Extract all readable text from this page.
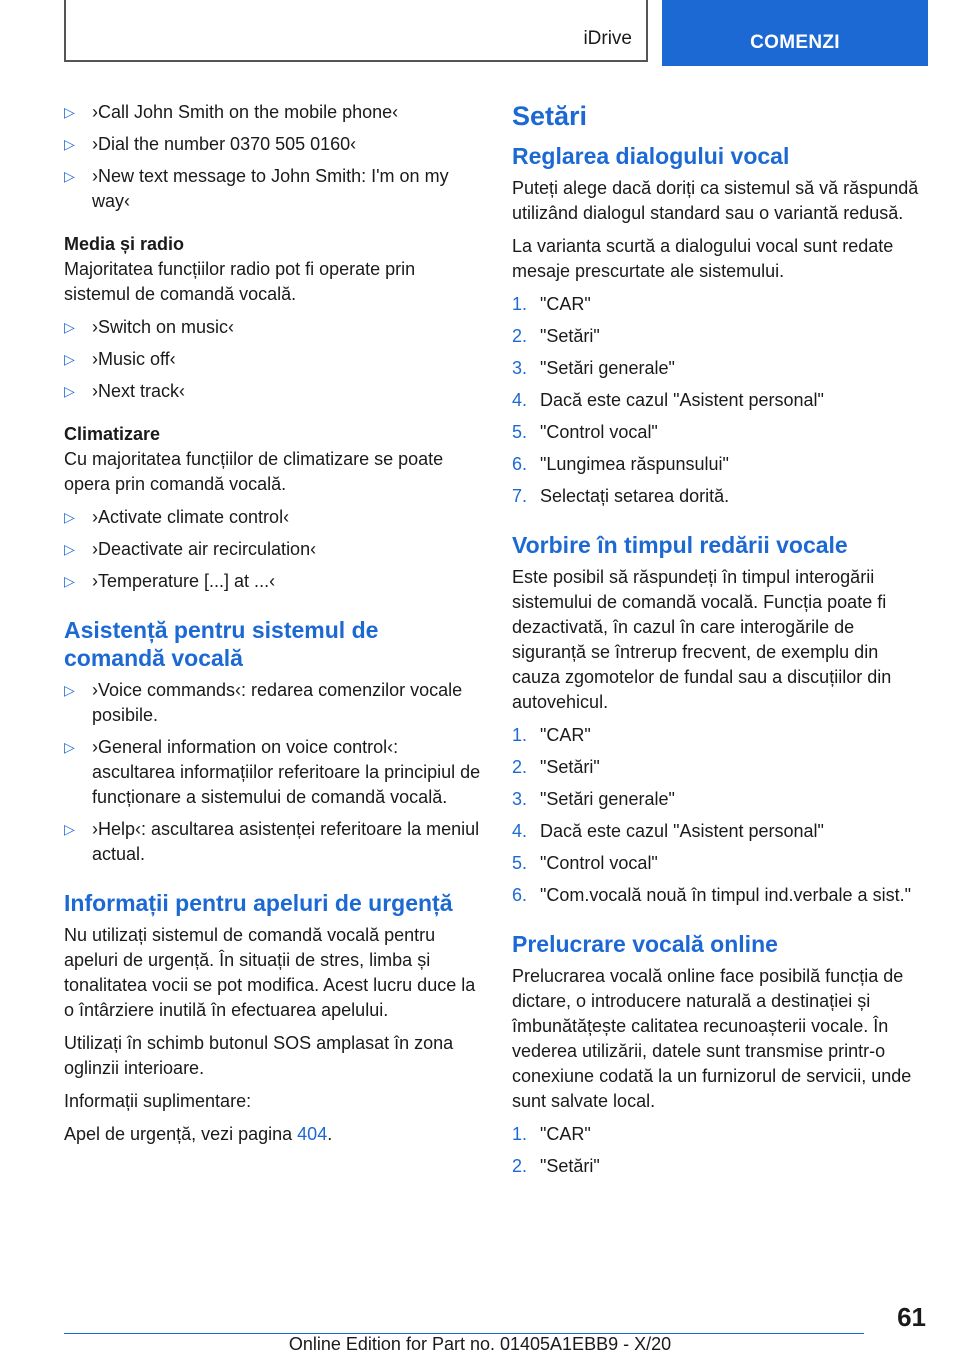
iDrive	COMENZI
▷ ›Call John Smith on the mobile phone‹
▷ ›Dial the number 0370 505 0160‹
▷ ›New text message to John Smith: I'm on my way‹
Media și radio

Majoritatea funcțiilor radio pot fi operate prin sistemul de comandă vocală.

▷ ›Switch on music‹
▷ ›Music off‹
▷ ›Next track‹
Climatizare

Cu majoritatea funcțiilor de climatizare se poate opera prin comandă vocală.

▷ ›Activate climate control‹
▷ ›Deactivate air recirculation‹
▷ ›Temperature [...] at ...‹
Asistență pentru sistemul de comandă vocală
▷ ›Voice commands‹: redarea comenzilor vocale posibile.
▷ ›General information on voice control‹: ascultarea informațiilor referitoare la principiul de funcționare a sistemului de comandă vocală.
▷ ›Help‹: ascultarea asistenței referitoare la meniul actual.
Informații pentru apeluri de urgență

Nu utilizați sistemul de comandă vocală pentru apeluri de urgență. În situații de stres, limba și tonalitatea vocii se pot modifica. Acest lucru duce la o întârziere inutilă în efectuarea apelului.

Utilizați în schimb butonul SOS amplasat în zona oglinzii interioare.

Informații suplimentare:

Apel de urgență, vezi pagina 404.

Setări
Reglarea dialogului vocal

Puteți alege dacă doriți ca sistemul să vă răspundă utilizând dialogul standard sau o variantă redusă.

La varianta scurtă a dialogului vocal sunt redate mesaje prescurtate ale sistemului.

1. "CAR"
2. "Setări"
3. "Setări generale"
4. Dacă este cazul "Asistent personal"
5. "Control vocal"
6. "Lungimea răspunsului"
7. Selectați setarea dorită.
Vorbire în timpul redării vocale

Este posibil să răspundeți în timpul interogării sistemului de comandă vocală. Funcția poate fi dezactivată, în cazul în care interogările de siguranță se întrerup frecvent, de exemplu din cauza zgomotelor de fundal sau a discuțiilor din autovehicul.

1. "CAR"
2. "Setări"
3. "Setări generale"
4. Dacă este cazul "Asistent personal"
5. "Control vocal"
6. "Com.vocală nouă în timpul ind.verbale a sist."
Prelucrare vocală online

Prelucrarea vocală online face posibilă funcția de dictare, o introducere naturală a destinației și îmbunătățește calitatea recunoașterii vocale. În vederea utilizării, datele sunt transmise printr-o conexiune codată la un furnizorul de servicii, unde sunt salvate local.

1. "CAR"
2. "Setări"
61
Online Edition for Part no. 01405A1EBB9 - X/20
